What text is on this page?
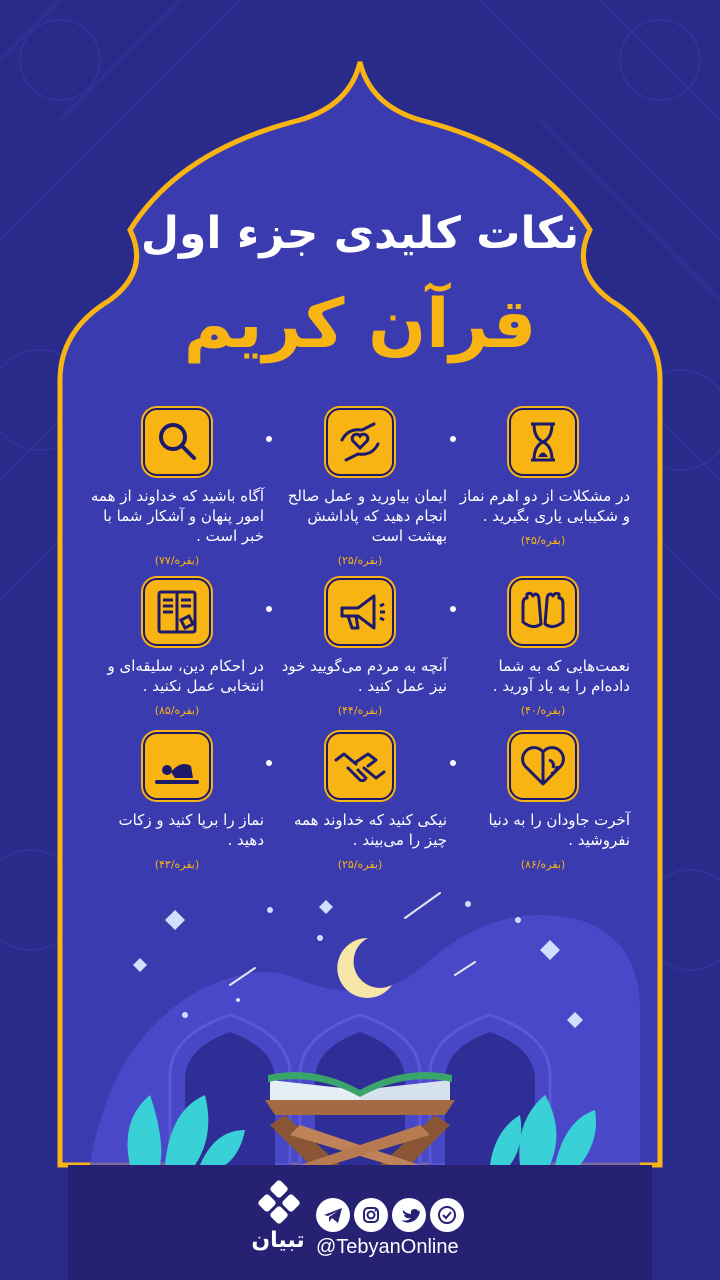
نکات کلیدی جزء اول
قرآن کریم
در مشکلات از دو اهرم نماز و شکیبایی یاری بگیرید .
(بقره/۴۵)
ایمان بیاورید و عمل صالح انجام دهید که پاداشش بهشت است
(بقره/۲۵)
آگاه باشید که خداوند از همه امور پنهان و آشکار شما با خبر است .
(بقره/۷۷)
نعمت‌هایی که به شما داده‌ام را به یاد آورید .
(بقره/۴۰)
آنچه به مردم می‌گویید خود نیز عمل کنید .
(بقره/۴۴)
در احکام دین، سلیقه‌ای و انتخابی عمل نکنید .
(بقره/۸۵)
آخرت جاودان را به دنیا نفروشید .
(بقره/۸۶)
نیکی کنید که خداوند همه چیز را می‌بیند .
(بقره/۲۵)
نماز را برپا کنید و زکات دهید .
(بقره/۴۳)
تبیان @TebyanOnline
